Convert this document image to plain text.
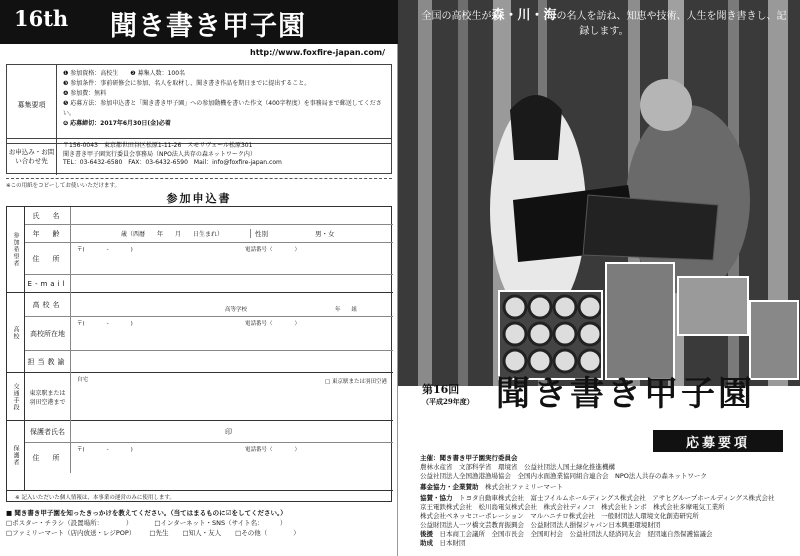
16th 聞き書き甲子園
http://www.foxfire-japan.com/
募集要項
❶ 参加資格：高校生　　❷ 募集人数：100名
❸ 参加条件：事前研修会に参加、名人を取材し、聞き書き作品を期日までに提出すること。
❹ 参加費：無料
❺ 応募方法：参加申込書と「聞き書き甲子園」への参加動機を書いた作文（400字程度）を事務局まで郵送してください。
❻ 応募締切：2017年6月30日(金)必着
お申込み・お問い合わせ先
〒156-0043　東京都世田谷区松原1-11-26　スモリヴェール松原301
聞き書き甲子園実行委員会事務局（NPO法人共存の森ネットワーク内）
TEL：03-6432-6580　FAX：03-6432-6590　Mail：info@foxfire-japan.com
※この用紙をコピーしてお使いいただけます。
参加申込書
参加希望者
氏　名
年　齢	歳（西暦　　年　　月　　日生まれ）	性別	男・女
住　所
〒(　　　　-　　　　)	電話番号（　　　　）
E-mail
高校
高校名
高等学校	年　　組
高校所在地
〒(　　　　-　　　　)	電話番号（　　　　）
担当教諭
交通手段	東京駅または羽田空港まで
自宅	□ 東京駅または羽田空港
保護者
保護者氏名	印
住　所
〒(　　　　-　　　　)	電話番号（　　　　）
※ 記入いただいた個人情報は、本事業の運営のみに使用します。
■ 聞き書き甲子園を知ったきっかけを教えてください。（当てはまるものに☑をしてください。）
□ポスター・チラシ（設置場所：　　　　）	□インターネット・SNS（サイト名：　　　）
□ファミリーマート（店内放送・レジPOP） □先生 □知人・友人 □その他（　　　　）
全国の高校生が森・川・海の名人を訪ね、知恵や技術、人生を聞き書きし、記録します。
第16回
（平成29年度） 聞き書き甲子園
応募要項
主催：聞き書き甲子園実行委員会
農林水産省　文部科学省　環境省　公益社団法人国土緑化推進機構
公益社団法人全国漁港漁場協会　全国内水面漁業協同組合連合会　NPO法人共存の森ネットワーク
募金協力・企業賛助　 株式会社ファミリーマート
協賛・協力　 トヨタ自動車株式会社　富士フイルムホールディングス株式会社　アサヒグループホールディングス株式会社
京王電鉄株式会社　松川島電気株式会社　株式会社ディノコ　株式会社トンボ　株式会社多摩電気工業所
株式会社ペネッセコーポレーション　マルハニチロ株式会社　一般財団法人環境文化創造研究所
公益財団法人一ツ橋文芸教育振興会　公益財団法人損保ジャパン日本興亜環境財団
後援　 日本商工会議所　全国市長会　全国町村会　公益社団法人経済同友会　経団連自然保護協議会
助成　 日本財団
